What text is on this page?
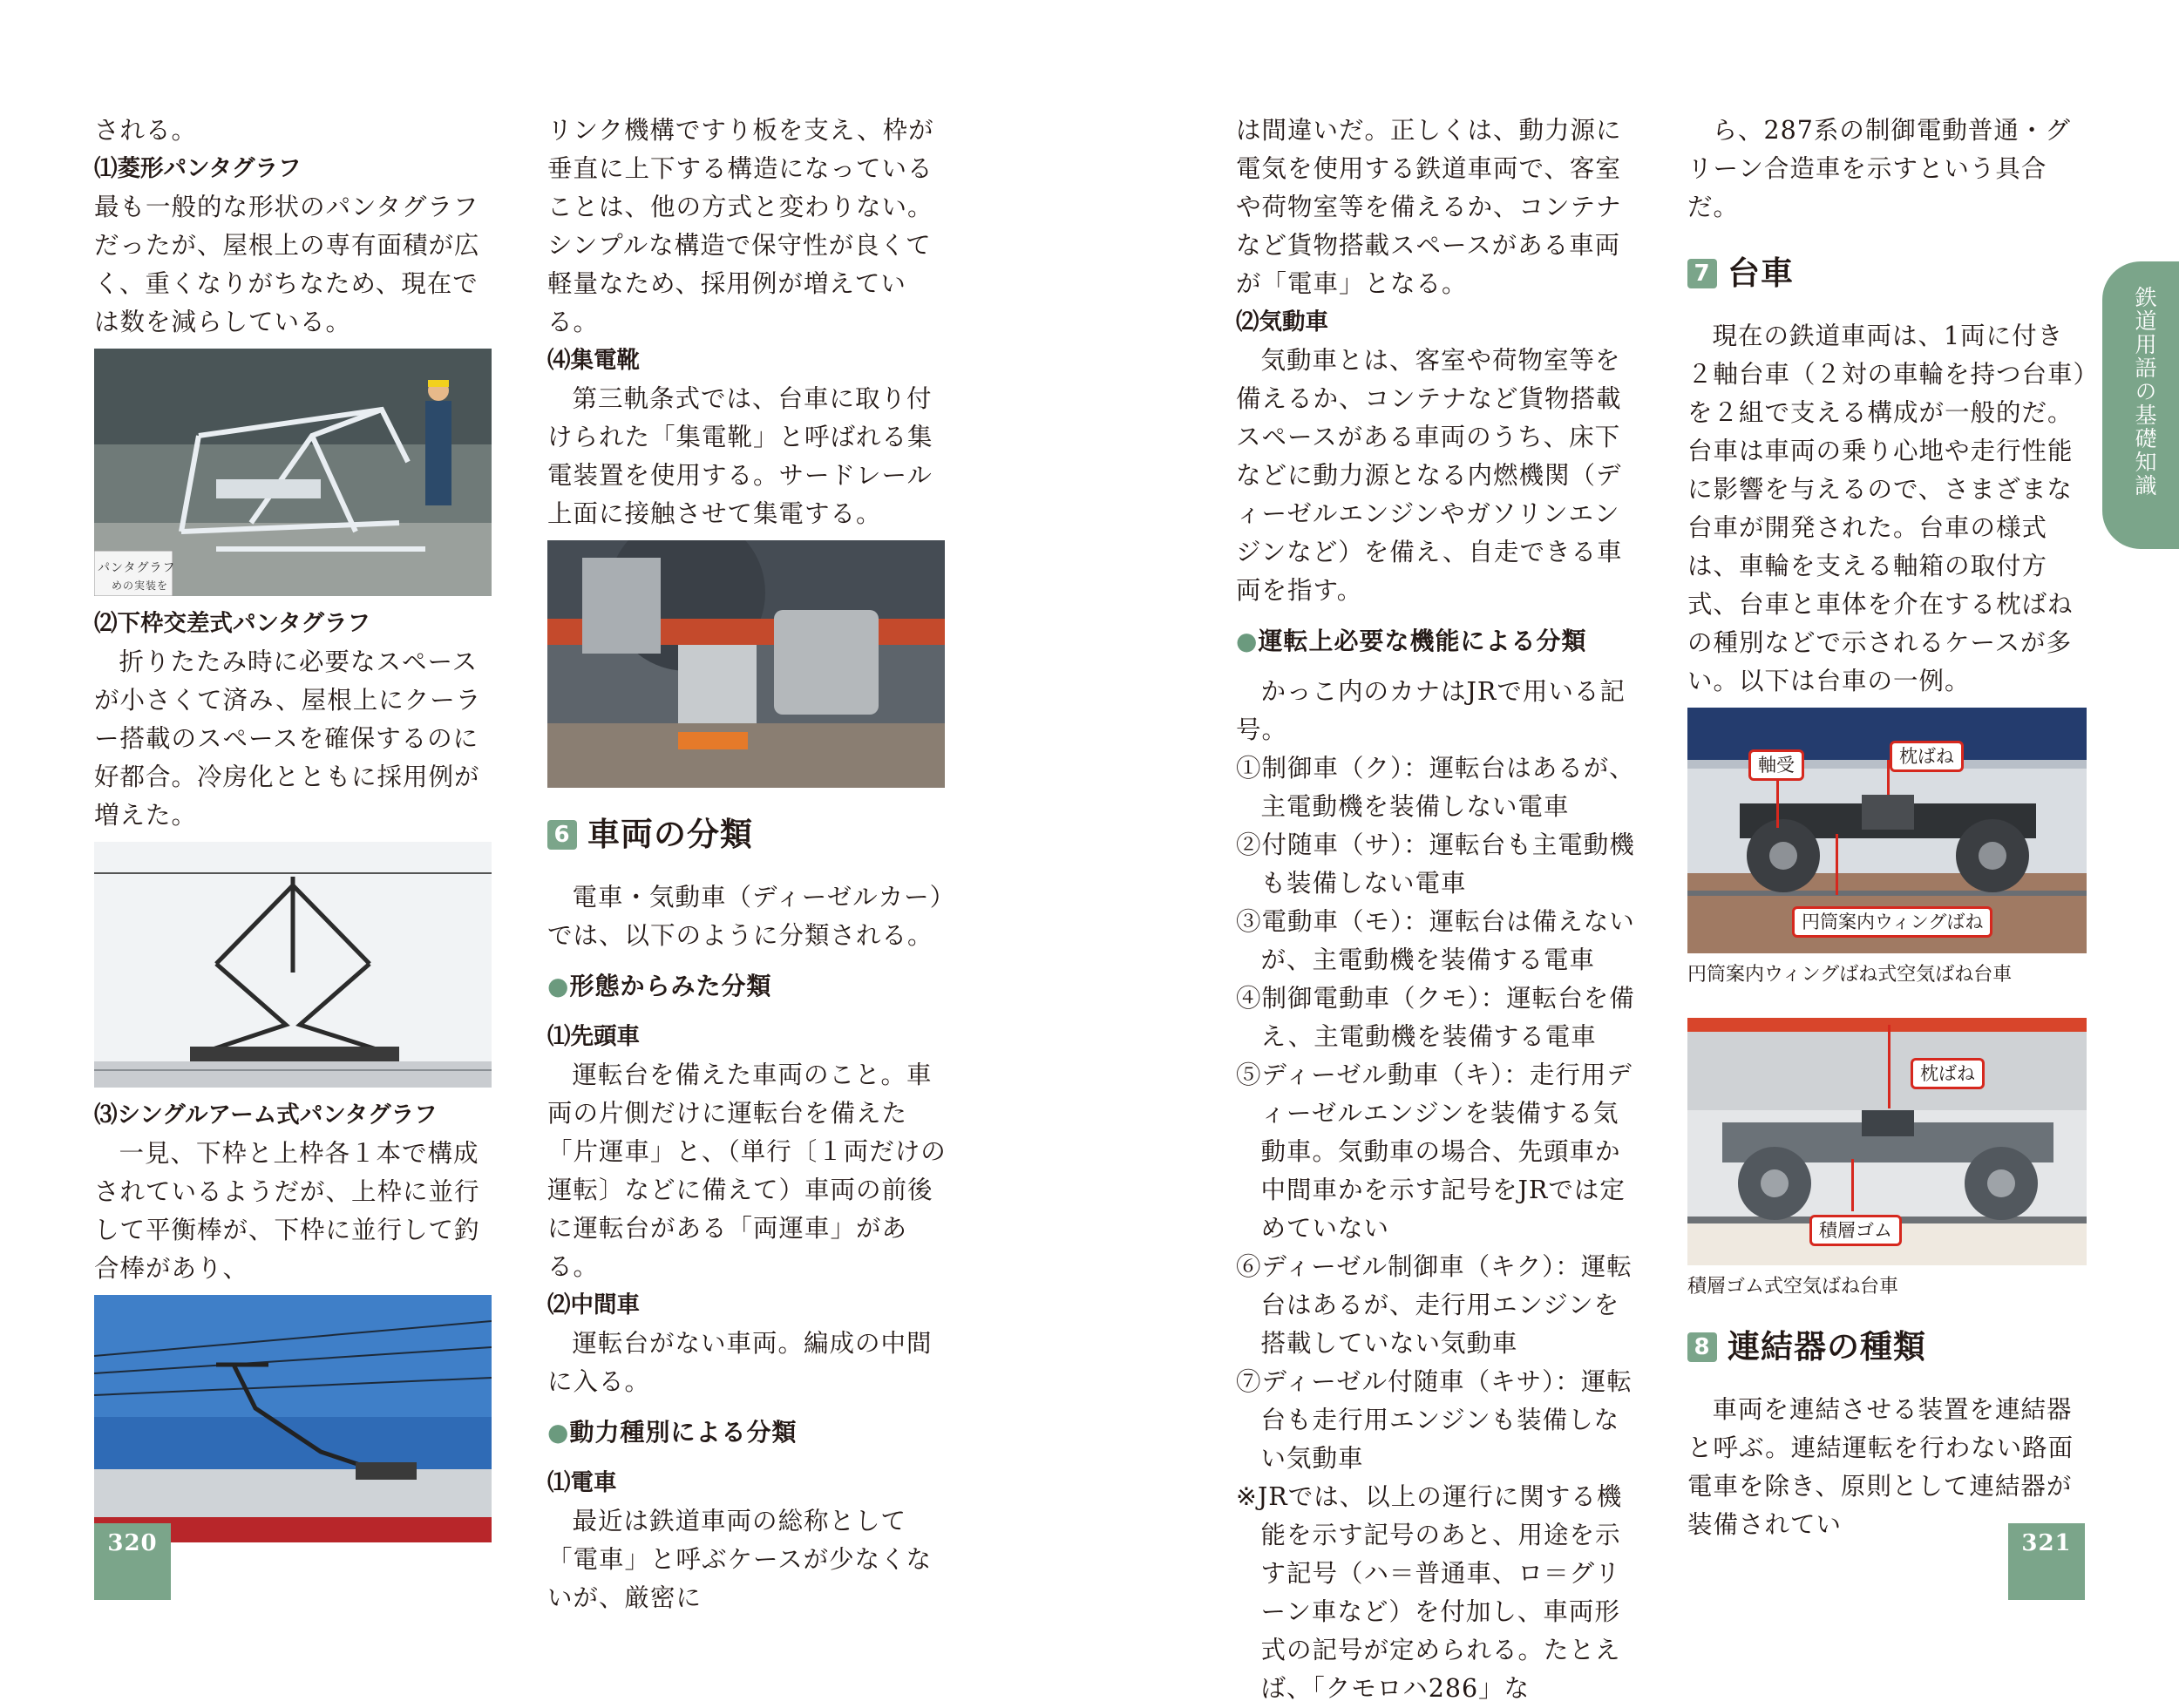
される。

⑴菱形パンタグラフ

最も一般的な形状のパンタグラフだったが、屋根上の専有面積が広く、重くなりがちなため、現在では数を減らしている。

パンタグラフ
めの実装を

⑵下枠交差式パンタグラフ

折りたたみ時に必要なスペースが小さくて済み、屋根上にクーラー搭載のスペースを確保するのに好都合。冷房化とともに採用例が増えた。

⑶シングルアーム式パンタグラフ

一見、下枠と上枠各１本で構成されているようだが、上枠に並行して平衡棒が、下枠に並行して釣合棒があり、

リンク機構ですり板を支え、枠が垂直に上下する構造になっていることは、他の方式と変わりない。シンプルな構造で保守性が良くて軽量なため、採用例が増えている。

⑷集電靴

第三軌条式では、台車に取り付けられた「集電靴」と呼ばれる集電装置を使用する。サードレール上面に接触させて集電する。

6 車両の分類

電車・気動車（ディーゼルカー）では、以下のように分類される。

●形態からみた分類

⑴先頭車

運転台を備えた車両のこと。車両の片側だけに運転台を備えた「片運車」と、（単行〔１両だけの運転〕などに備えて）車両の前後に運転台がある「両運車」がある。

⑵中間車

運転台がない車両。編成の中間に入る。

●動力種別による分類

⑴電車

最近は鉄道車両の総称として「電車」と呼ぶケースが少なくないが、厳密に

320

は間違いだ。正しくは、動力源に電気を使用する鉄道車両で、客室や荷物室等を備えるか、コンテナなど貨物搭載スペースがある車両が「電車」となる。

⑵気動車

気動車とは、客室や荷物室等を備えるか、コンテナなど貨物搭載スペースがある車両のうち、床下などに動力源となる内燃機関（ディーゼルエンジンやガソリンエンジンなど）を備え、自走できる車両を指す。

●運転上必要な機能による分類

かっこ内のカナはJRで用いる記号。

①制御車（ク）：運転台はあるが、主電動機を装備しない電車

②付随車（サ）：運転台も主電動機も装備しない電車

③電動車（モ）：運転台は備えないが、主電動機を装備する電車

④制御電動車（クモ）：運転台を備え、主電動機を装備する電車

⑤ディーゼル動車（キ）：走行用ディーゼルエンジンを装備する気動車。気動車の場合、先頭車か中間車かを示す記号をJRでは定めていない

⑥ディーゼル制御車（キク）：運転台はあるが、走行用エンジンを搭載していない気動車

⑦ディーゼル付随車（キサ）：運転台も走行用エンジンも装備しない気動車

※JRでは、以上の運行に関する機能を示す記号のあと、用途を示す記号（ハ＝普通車、ロ＝グリーン車など）を付加し、車両形式の記号が定められる。たとえば、「クモロハ286」な

ら、287系の制御電動普通・グリーン合造車を示すという具合だ。

7 台車

現在の鉄道車両は、1両に付き２軸台車（２対の車輪を持つ台車）を２組で支える構成が一般的だ。台車は車両の乗り心地や走行性能に影響を与えるので、さまざまな台車が開発された。台車の様式は、車輪を支える軸箱の取付方式、台車と車体を介在する枕ばねの種別などで示されるケースが多い。以下は台車の一例。

軸受	枕ばね
円筒案内ウィングばね

円筒案内ウィングばね式空気ばね台車

枕ばね
積層ゴム

積層ゴム式空気ばね台車

8 連結器の種類

車両を連結させる装置を連結器と呼ぶ。連結運転を行わない路面電車を除き、原則として連結器が装備されてい

鉄道用語の基礎知識
321
